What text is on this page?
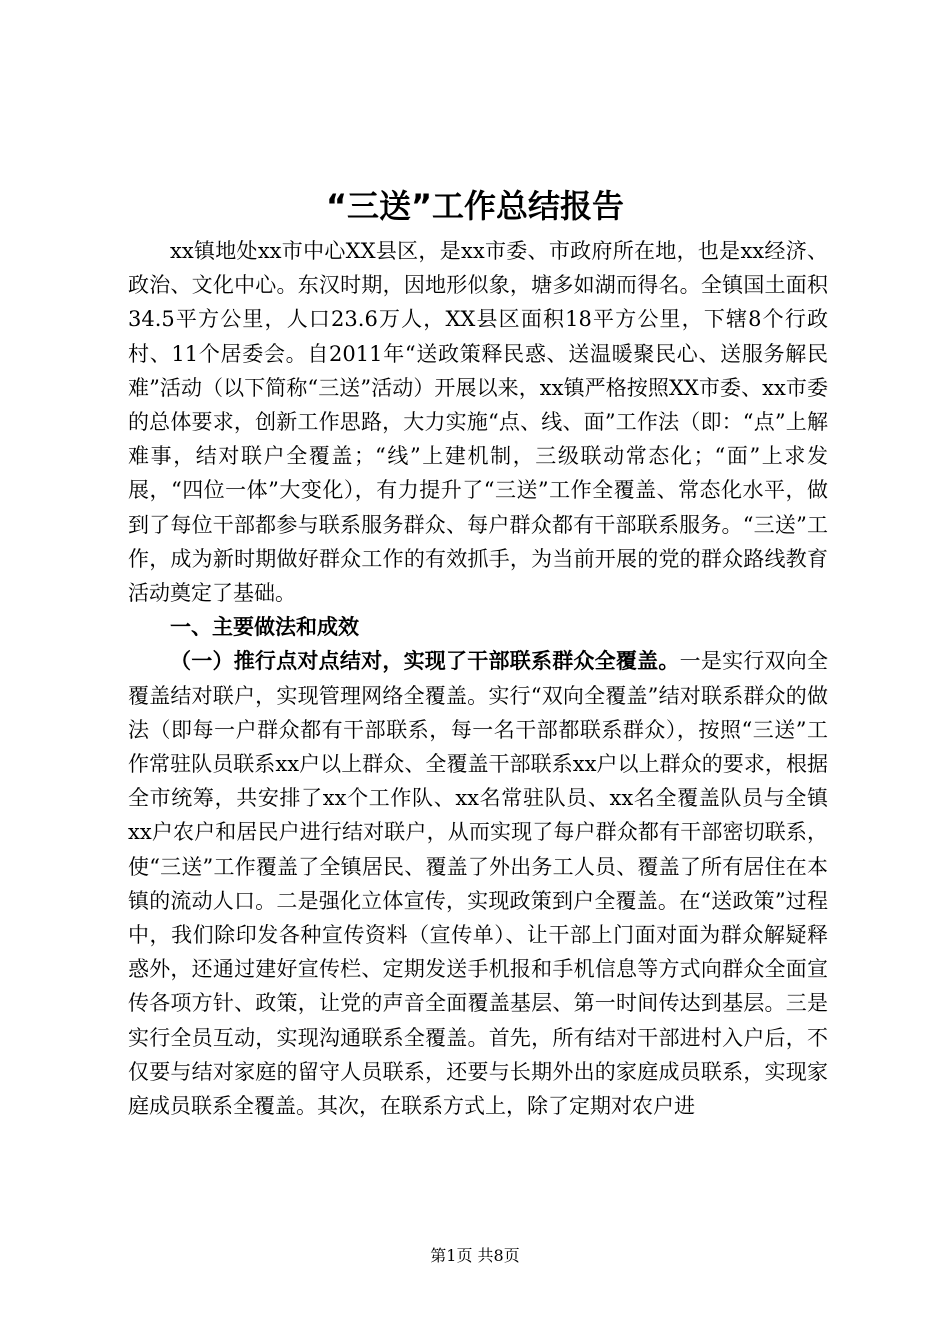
“三送”工作总结报告

xx镇地处xx市中心XX县区，是xx市委、市政府所在地，也是xx经济、政治、文化中心。东汉时期，因地形似象，塘多如湖而得名。全镇国土面积34.5平方公里，人口23.6万人，XX县区面积18平方公里，下辖8个行政村、11个居委会。自2011年“送政策释民惑、送温暖聚民心、送服务解民难”活动（以下简称“三送”活动）开展以来，xx镇严格按照XX市委、xx市委的总体要求，创新工作思路，大力实施“点、线、面”工作法（即：“点”上解难事，结对联户全覆盖；“线”上建机制，三级联动常态化；“面”上求发展，“四位一体”大变化），有力提升了“三送”工作全覆盖、常态化水平，做到了每位干部都参与联系服务群众、每户群众都有干部联系服务。“三送”工作，成为新时期做好群众工作的有效抓手，为当前开展的党的群众路线教育活动奠定了基础。

一、主要做法和成效

（一）推行点对点结对，实现了干部联系群众全覆盖。一是实行双向全覆盖结对联户，实现管理网络全覆盖。实行“双向全覆盖”结对联系群众的做法（即每一户群众都有干部联系，每一名干部都联系群众），按照“三送”工作常驻队员联系xx户以上群众、全覆盖干部联系xx户以上群众的要求，根据全市统筹，共安排了xx个工作队、xx名常驻队员、xx名全覆盖队员与全镇xx户农户和居民户进行结对联户，从而实现了每户群众都有干部密切联系，使“三送”工作覆盖了全镇居民、覆盖了外出务工人员、覆盖了所有居住在本镇的流动人口。二是强化立体宣传，实现政策到户全覆盖。在“送政策”过程中，我们除印发各种宣传资料（宣传单）、让干部上门面对面为群众解疑释惑外，还通过建好宣传栏、定期发送手机报和手机信息等方式向群众全面宣传各项方针、政策，让党的声音全面覆盖基层、第一时间传达到基层。三是实行全员互动，实现沟通联系全覆盖。首先，所有结对干部进村入户后，不仅要与结对家庭的留守人员联系，还要与长期外出的家庭成员联系，实现家庭成员联系全覆盖。其次，在联系方式上，除了定期对农户进

第1页 共8页
